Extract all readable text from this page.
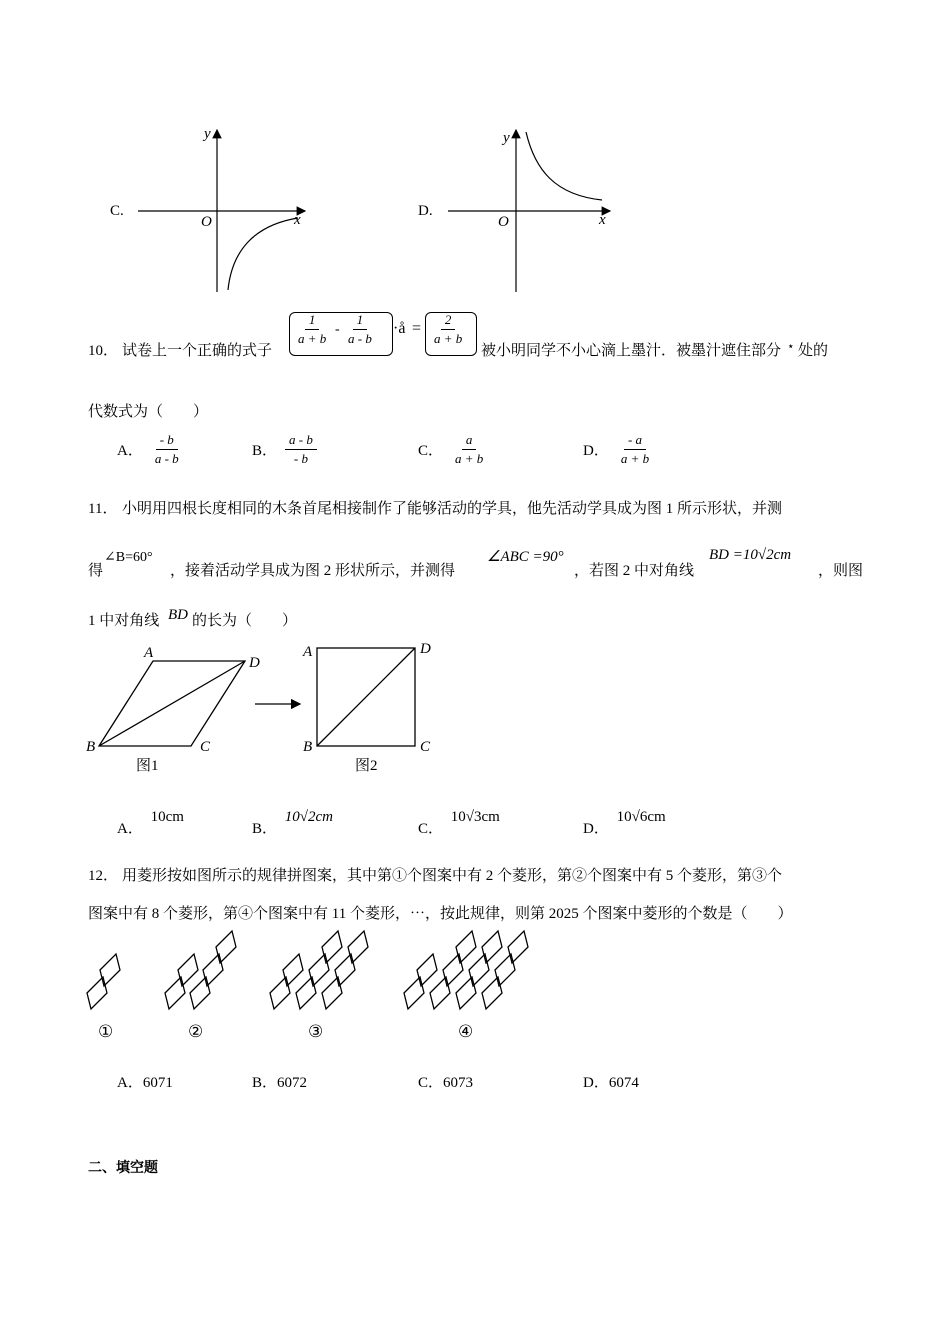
C.
y
x
O
D.
y
x
O
10． 试卷上一个正确的式子
$\frac{1}{a + b} - \frac{1}{a - b}$ ·å = $\frac{2}{a + b}$
被小明同学不小心滴上墨汁．被墨汁遮住部分 ⋆ 处的
代数式为（　　）
A． $\frac{- b}{a - b}$	B． $\frac{a - b}{- b}$	C． $\frac{a}{a + b}$	D． $\frac{- a}{a + b}$
11． 小明用四根长度相同的木条首尾相接制作了能够活动的学具，他先活动学具成为图 1 所示形状，并测
得
∠B=60°
，接着活动学具成为图 2 形状所示，并测得
∠ABC =90°
，若图 2 中对角线
BD =10√2cm
，则图
1 中对角线 BD 的长为（　　）
A
B	C
D
图1
A
B	C
D
图2
A． 10cm
B． 10√2cm
C． 10√3cm
D． 10√6cm
12． 用菱形按如图所示的规律拼图案，其中第①个图案中有 2 个菱形，第②个图案中有 5 个菱形，第③个
图案中有 8 个菱形，第④个图案中有 11 个菱形，⋯，按此规律，则第 2025 个图案中菱形的个数是（　　）
①	②	③	④
A．6071	B．6072	C．6073	D．6074
二、填空题
